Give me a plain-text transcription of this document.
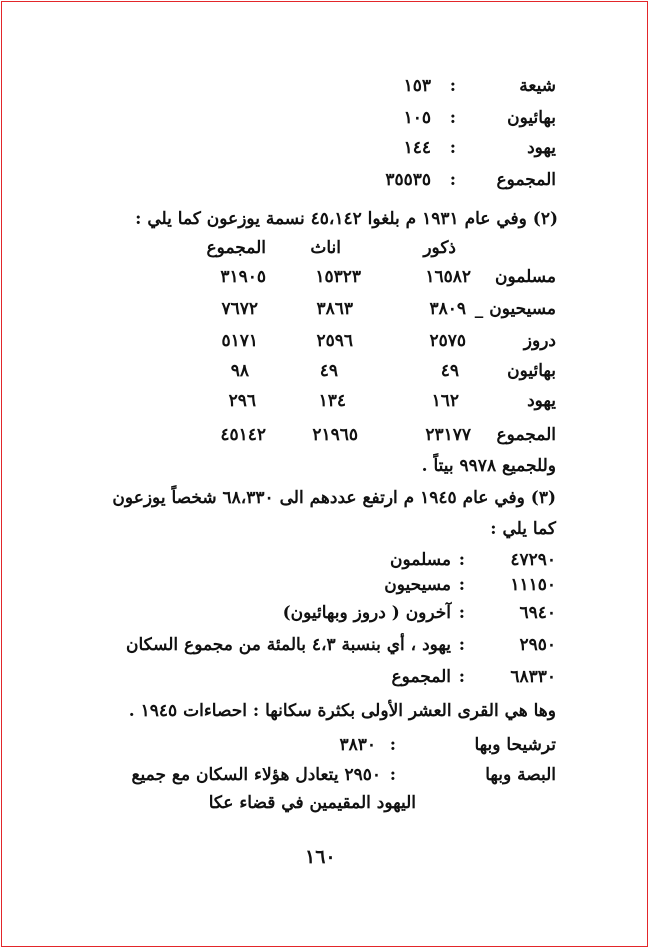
شيعة
:
١٥٣
بهائيون
:
١٠٥
يهود
:
١٤٤
المجموع
:
٣٥٥٣٥
(٢) وفي عام ١٩٣١ م بلغوا ٤٥،١٤٢ نسمة يوزعون كما يلي :
ذكور
اناث
المجموع
مسلمون
١٦٥٨٢
١٥٣٢٣
٣١٩٠٥
مسيحيون _
٣٨٠٩
٣٨٦٣
٧٦٧٢
دروز
٢٥٧٥
٢٥٩٦
٥١٧١
بهائيون
٤٩
٤٩
٩٨
يهود
١٦٢
١٣٤
٢٩٦
المجموع
٢٣١٧٧
٢١٩٦٥
٤٥١٤٢
وللجميع ٩٩٧٨ بيتاً .
(٣) وفي عام ١٩٤٥ م ارتفع عددهم الى ٦٨،٣٣٠ شخصاً يوزعون
كما يلي :
٤٧٢٩٠
:
مسلمون
١١١٥٠
:
مسيحيون
٦٩٤٠
:
آخرون ( دروز وبهائيون)
٢٩٥٠
:
يهود ، أي بنسبة ٤،٣ بالمئة من مجموع السكان
٦٨٣٣٠
:
المجموع
وها هي القرى العشر الأولى بكثرة سكانها : احصاءات ١٩٤٥ .
ترشيحا وبها
:
٣٨٣٠
البصة وبها
:
٢٩٥٠ يتعادل هؤلاء السكان مع جميع
اليهود المقيمين في قضاء عكا
١٦٠
